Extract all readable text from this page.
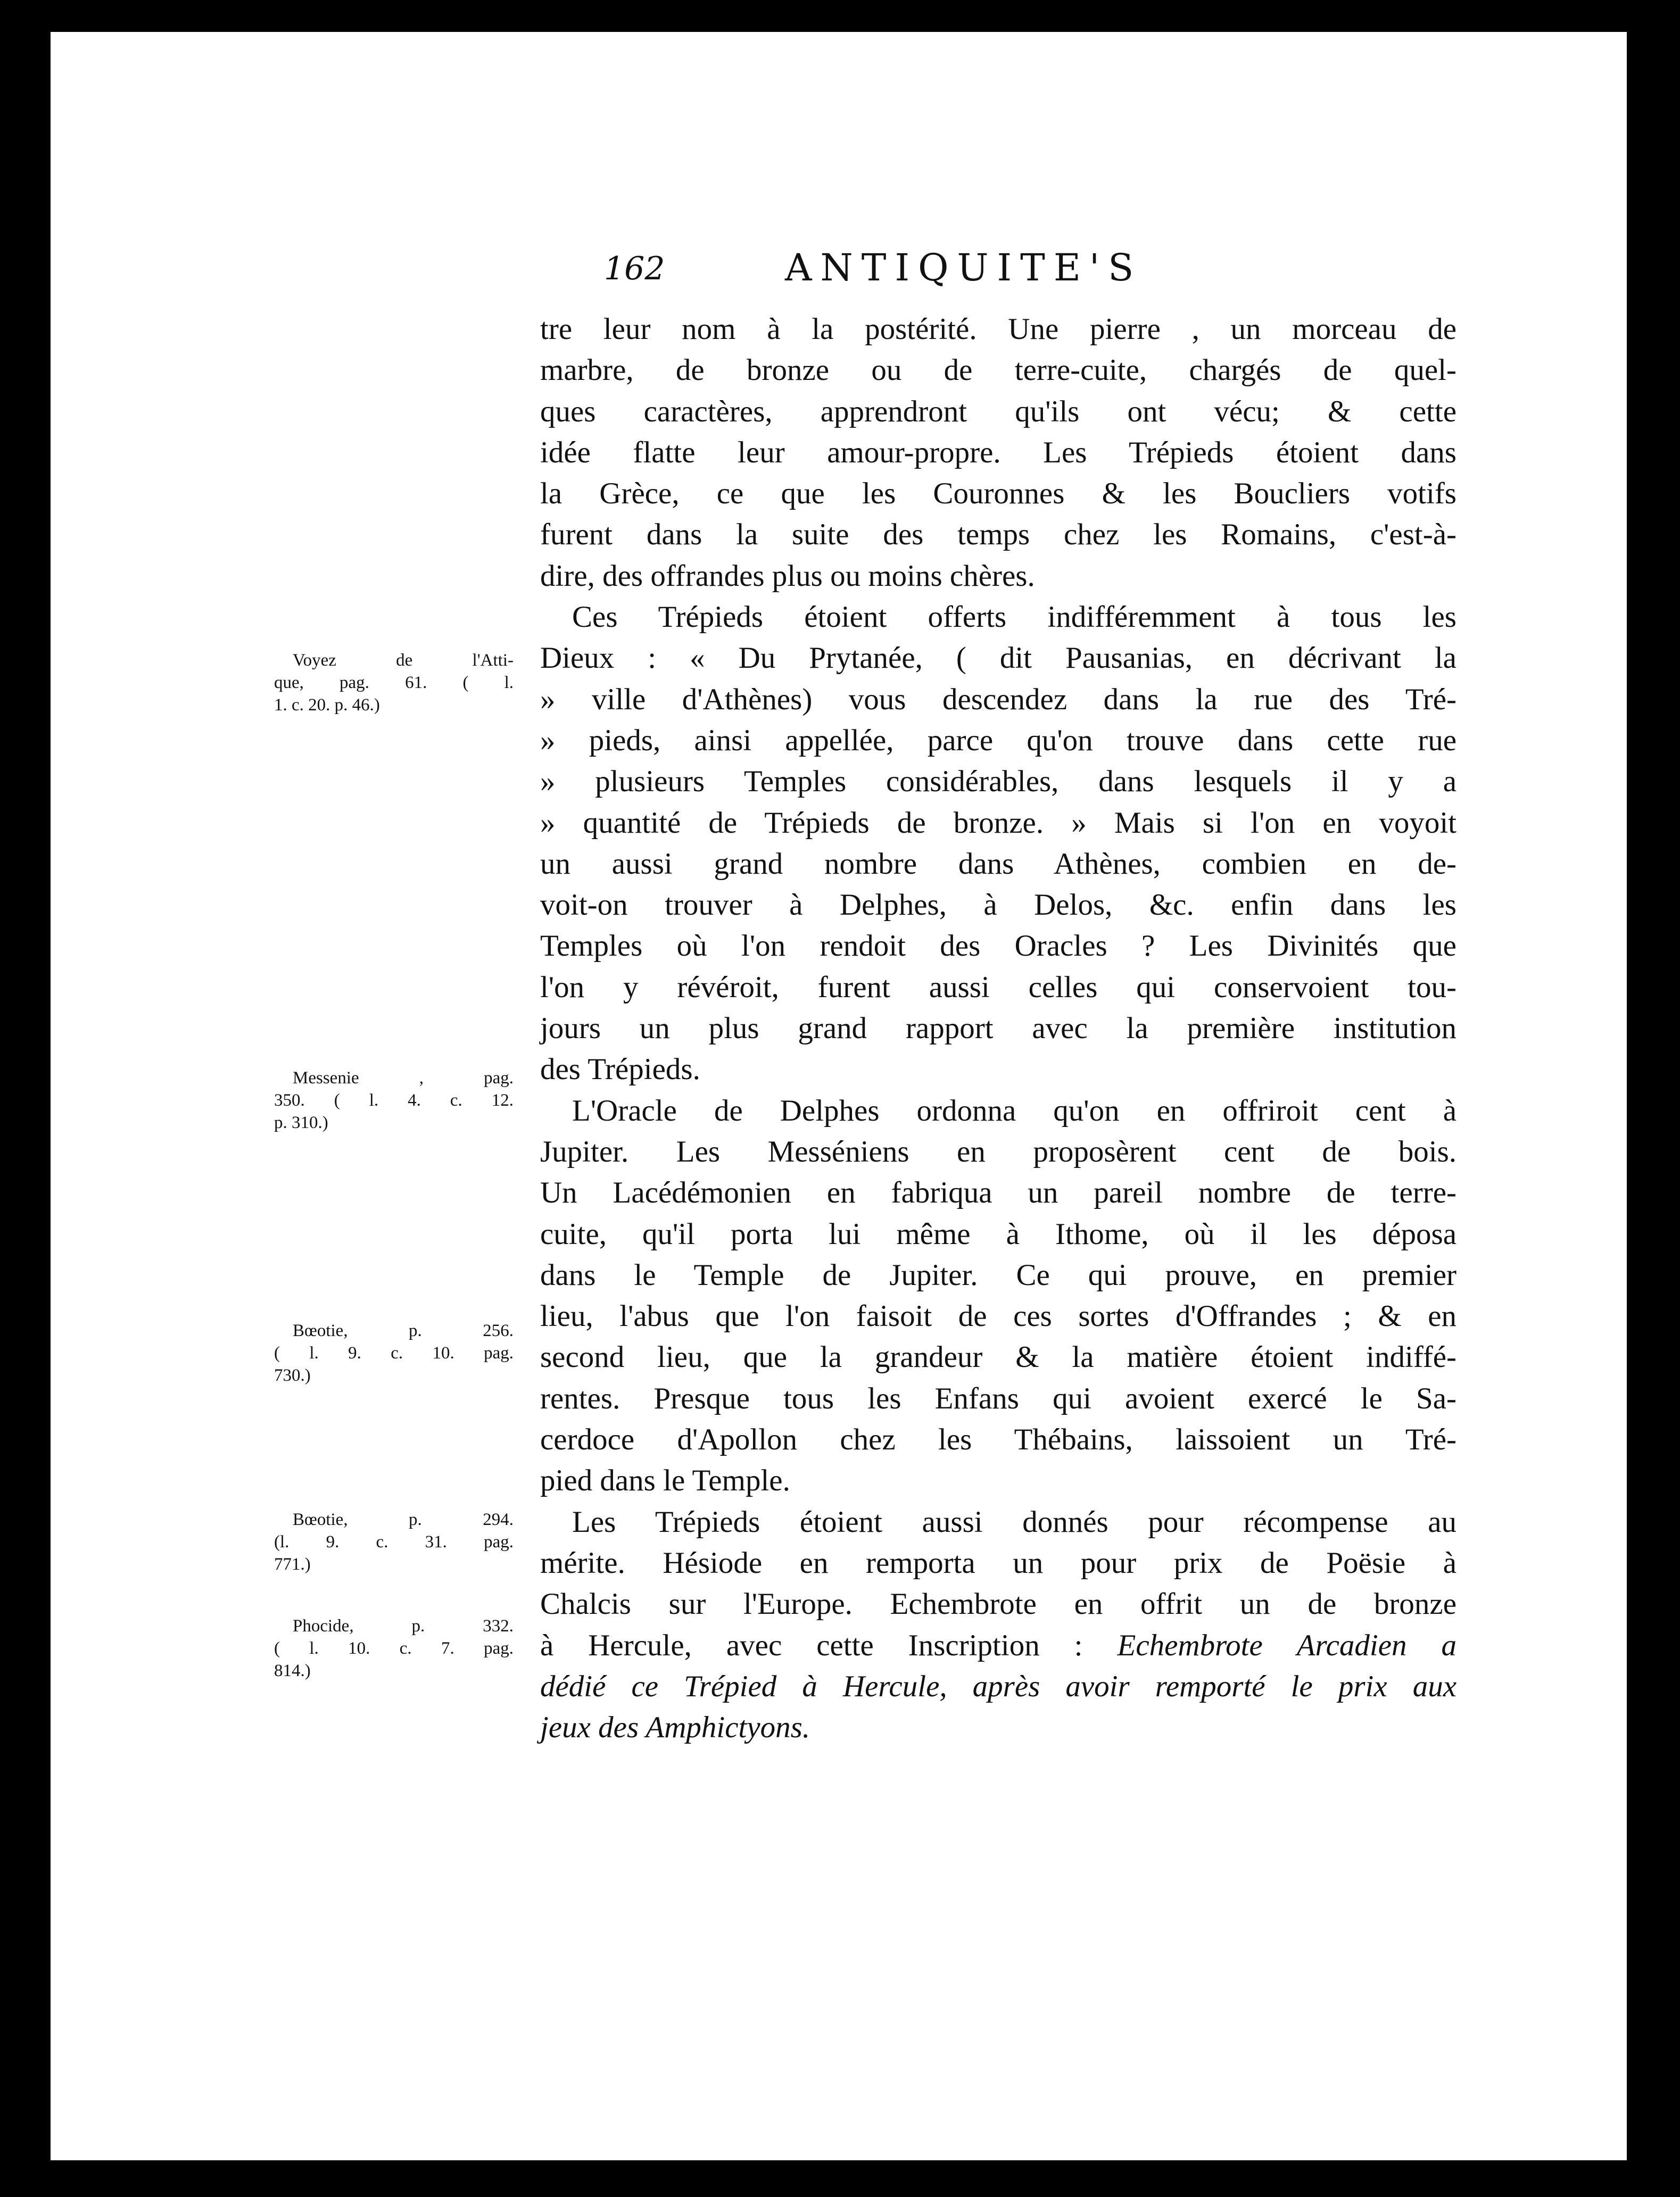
162	ANTIQUITE'S
tre leur nom à la postérité. Une pierre , un morceau de
marbre, de bronze ou de terre-cuite, chargés de quel-
ques caractères, apprendront qu'ils ont vécu; & cette
idée flatte leur amour-propre. Les Trépieds étoient dans
la Grèce, ce que les Couronnes & les Boucliers votifs
furent dans la suite des temps chez les Romains, c'est-à-
dire, des offrandes plus ou moins chères.
Ces Trépieds étoient offerts indifféremment à tous les
Dieux : « Du Prytanée, ( dit Pausanias, en décrivant la
» ville d'Athènes) vous descendez dans la rue des Tré-
» pieds, ainsi appellée, parce qu'on trouve dans cette rue
» plusieurs Temples considérables, dans lesquels il y a
» quantité de Trépieds de bronze. » Mais si l'on en voyoit
un aussi grand nombre dans Athènes, combien en de-
voit-on trouver à Delphes, à Delos, &c. enfin dans les
Temples où l'on rendoit des Oracles ? Les Divinités que
l'on y révéroit, furent aussi celles qui conservoient tou-
jours un plus grand rapport avec la première institution
des Trépieds.
L'Oracle de Delphes ordonna qu'on en offriroit cent à
Jupiter. Les Messéniens en proposèrent cent de bois.
Un Lacédémonien en fabriqua un pareil nombre de terre-
cuite, qu'il porta lui même à Ithome, où il les déposa
dans le Temple de Jupiter. Ce qui prouve, en premier
lieu, l'abus que l'on faisoit de ces sortes d'Offrandes ; & en
second lieu, que la grandeur & la matière étoient indiffé-
rentes. Presque tous les Enfans qui avoient exercé le Sa-
cerdoce d'Apollon chez les Thébains, laissoient un Tré-
pied dans le Temple.
Les Trépieds étoient aussi donnés pour récompense au
mérite. Hésiode en remporta un pour prix de Poësie à
Chalcis sur l'Europe. Echembrote en offrit un de bronze
à Hercule, avec cette Inscription : Echembrote Arcadien a
dédié ce Trépied à Hercule, après avoir remporté le prix aux
jeux des Amphictyons.
Voyez de l'Atti-
que, pag. 61. ( l.
1. c. 20. p. 46.)
Messenie , pag.
350. ( l. 4. c. 12.
p. 310.)
Bœotie, p. 256.
( l. 9. c. 10. pag.
730.)
Bœotie, p. 294.
(l. 9. c. 31. pag.
771.)
Phocide, p. 332.
( l. 10. c. 7. pag.
814.)
